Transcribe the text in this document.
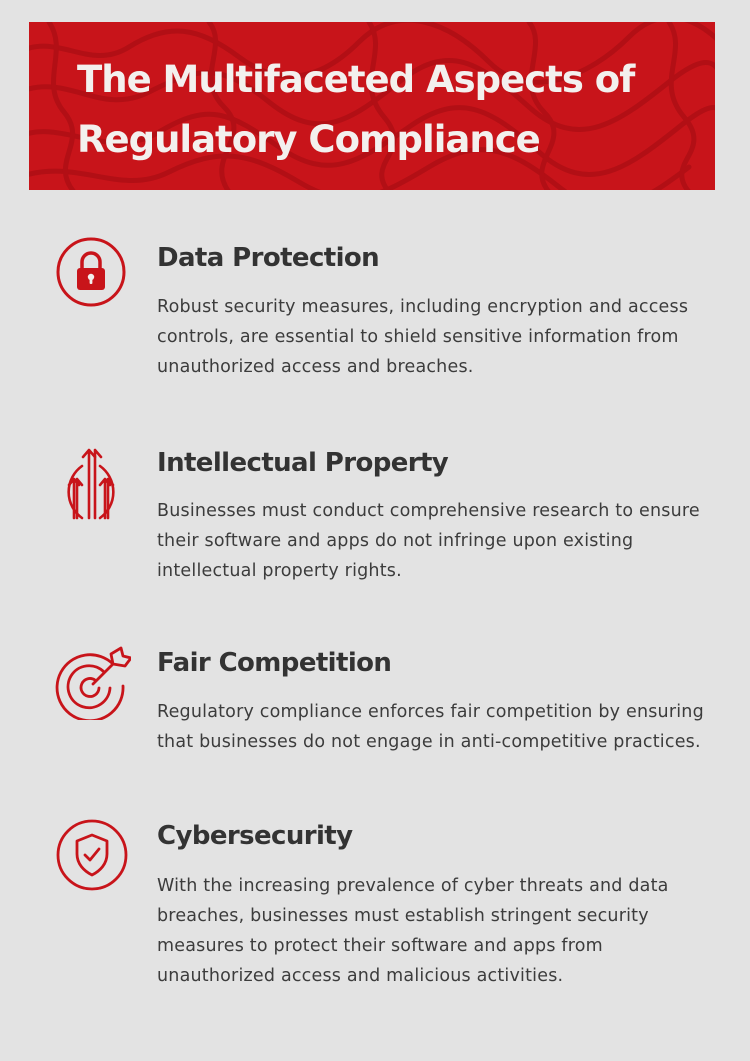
The Multifaceted Aspects of Regulatory Compliance
Data Protection

Robust security measures, including encryption and access controls, are essential to shield sensitive information from unauthorized access and breaches.

Intellectual Property

Businesses must conduct comprehensive research to ensure their software and apps do not infringe upon existing intellectual property rights.

Fair Competition

Regulatory compliance enforces fair competition by ensuring that businesses do not engage in anti-competitive practices.

Cybersecurity

With the increasing prevalence of cyber threats and data breaches, businesses must establish stringent security measures to protect their software and apps from unauthorized access and malicious activities.
